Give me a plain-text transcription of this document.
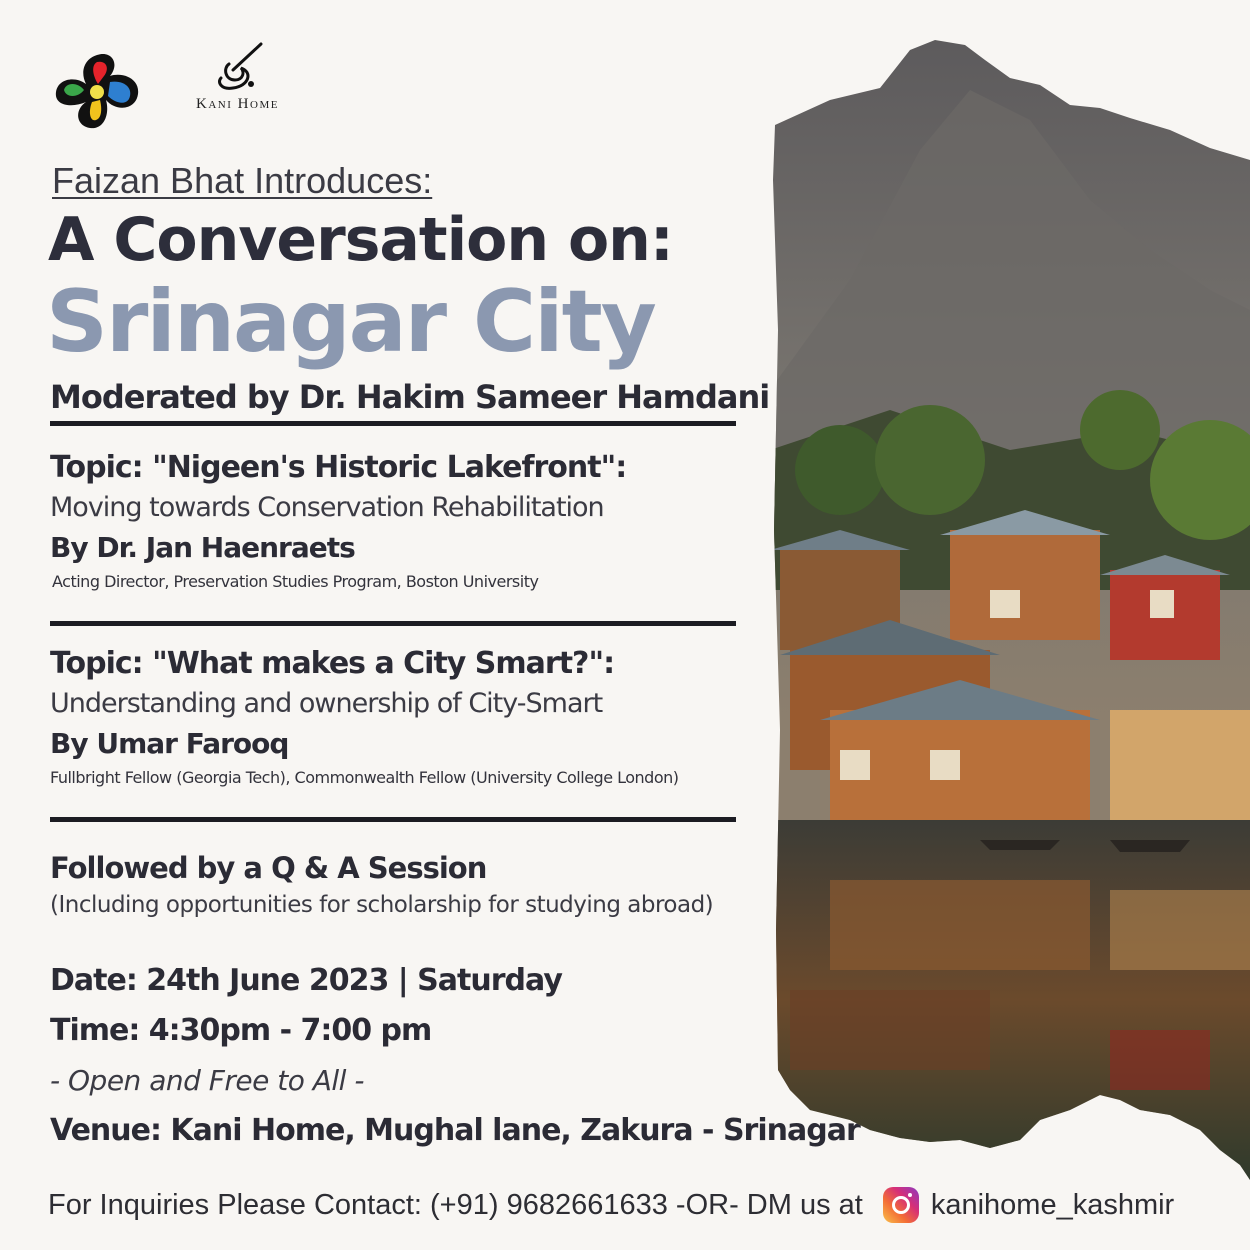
Kani Home
Faizan Bhat Introduces:
A Conversation on:
Srinagar City
Moderated by Dr. Hakim Sameer Hamdani
Topic: "Nigeen's Historic Lakefront":
Moving towards Conservation Rehabilitation
By Dr. Jan Haenraets
Acting Director, Preservation Studies Program, Boston University
Topic: "What makes a City Smart?":
Understanding and ownership of City-Smart
By Umar Farooq
Fullbright Fellow (Georgia Tech), Commonwealth Fellow (University College London)
Followed by a Q & A Session
(Including opportunities for scholarship for studying abroad)
Date: 24th June 2023 | Saturday
Time: 4:30pm - 7:00 pm
- Open and Free to All -
Venue: Kani Home, Mughal lane, Zakura - Srinagar
For Inquiries Please Contact: (+91) 9682661633 -OR- DM us at kanihome_kashmir
